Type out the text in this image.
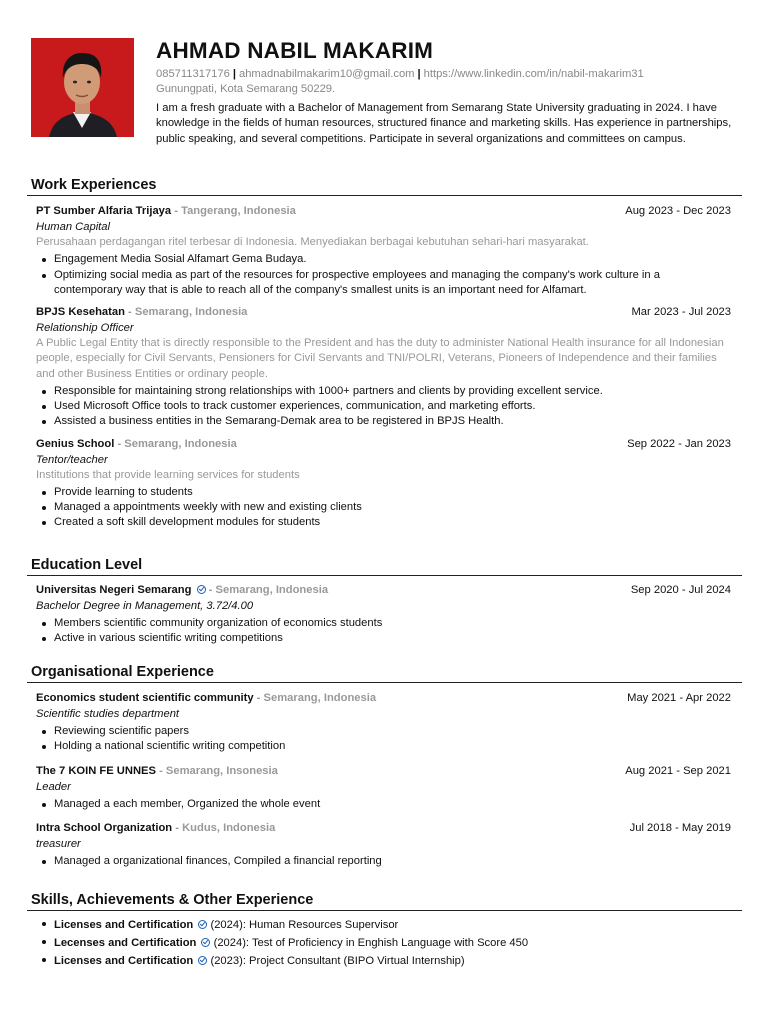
AHMAD NABIL MAKARIM
085711317176 | ahmadnabilmakarim10@gmail.com | https://www.linkedin.com/in/nabil-makarim31
Gunungpati, Kota Semarang 50229.
I am a fresh graduate with a Bachelor of Management from Semarang State University graduating in 2024. I have knowledge in the fields of human resources, structured finance and marketing skills. Has experience in partnerships, public speaking, and several competitions. Participate in several organizations and committees on campus.
Work Experiences
PT Sumber Alfaria Trijaya - Tangerang, Indonesia	Aug 2023 - Dec 2023
Human Capital
Perusahaan perdagangan ritel terbesar di Indonesia. Menyediakan berbagai kebutuhan sehari-hari masyarakat.
Engagement Media Sosial Alfamart Gema Budaya.
Optimizing social media as part of the resources for prospective employees and managing the company's work culture in a contemporary way that is able to reach all of the company's smallest units is an important need for Alfamart.
BPJS Kesehatan - Semarang, Indonesia	Mar 2023 - Jul 2023
Relationship Officer
A Public Legal Entity that is directly responsible to the President and has the duty to administer National Health insurance for all Indonesian people, especially for Civil Servants, Pensioners for Civil Servants and TNI/POLRI, Veterans, Pioneers of Independence and their families and other Business Entities or ordinary people.
Responsible for maintaining strong relationships with 1000+ partners and clients by providing excellent service.
Used Microsoft Office tools to track customer experiences, communication, and marketing efforts.
Assisted a business entities in the Semarang-Demak area to be registered in BPJS Health.
Genius School - Semarang, Indonesia	Sep 2022 - Jan 2023
Tentor/teacher
Institutions that provide learning services for students
Provide learning to students
Managed a appointments weekly with new and existing clients
Created a soft skill development modules for students
Education Level
Universitas Negeri Semarang  - Semarang, Indonesia	Sep 2020 - Jul 2024
Bachelor Degree in Management, 3.72/4.00
Members scientific community organization of economics students
Active in various scientific writing competitions
Organisational Experience
Economics student scientific community - Semarang, Indonesia	May 2021 - Apr 2022
Scientific studies department
Reviewing scientific papers
Holding a national scientific writing competition
The 7 KOIN FE UNNES - Semarang, Insonesia	Aug 2021 - Sep 2021
Leader
Managed a each member, Organized the whole event
Intra School Organization - Kudus, Indonesia	Jul 2018 - May 2019
treasurer
Managed a organizational finances, Compiled a financial reporting
Skills, Achievements & Other Experience
Licenses and Certification  (2024): Human Resources Supervisor
Lecenses and Certification  (2024): Test of Proficiency in Enghish Language with Score 450
Licenses and Certification  (2023): Project Consultant (BIPO Virtual Internship)
